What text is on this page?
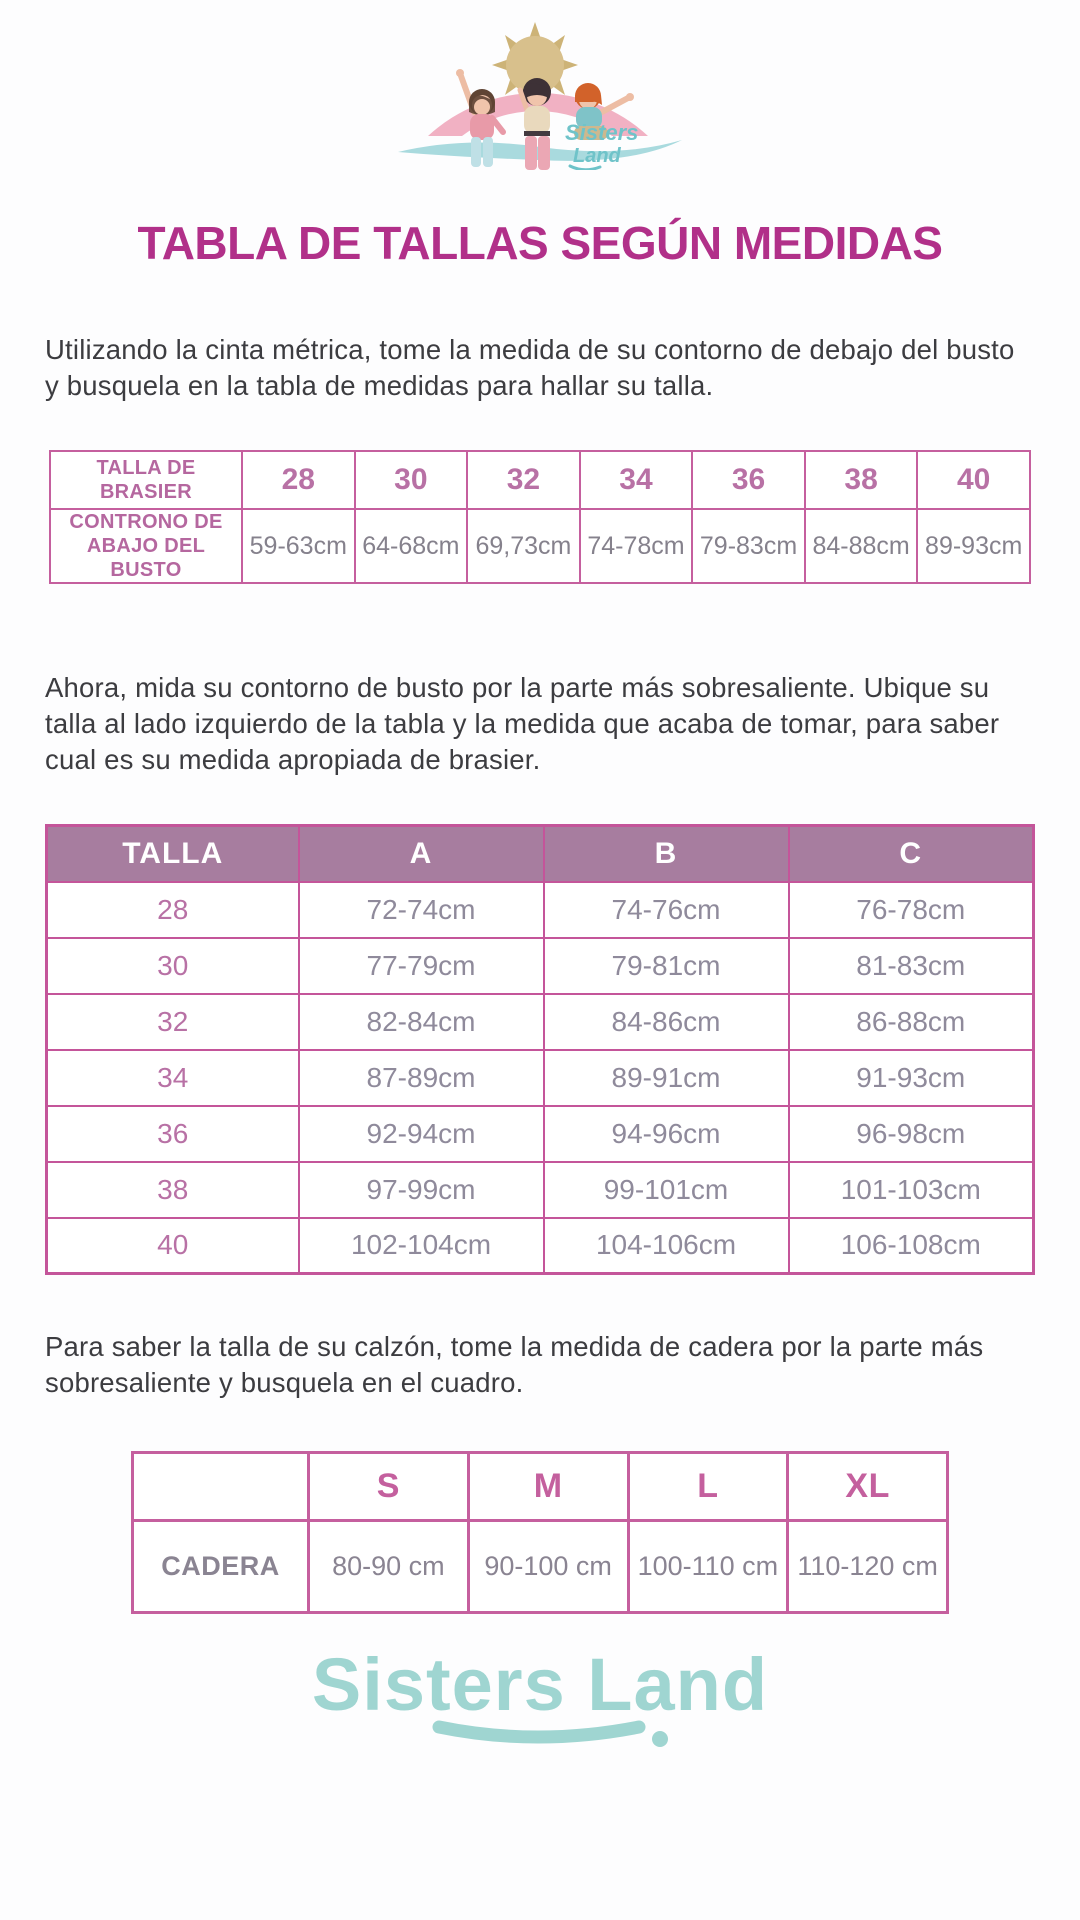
Sisters
Land
TABLA DE TALLAS SEGÚN MEDIDAS

Utilizando la cinta métrica, tome la medida de su contorno de debajo del busto y busquela en la tabla de medidas para hallar su talla.

TALLA DE BRASIER	28	30	32	34	36	38	40
CONTRONO DE ABAJO DEL BUSTO	59-63cm	64-68cm	69,73cm	74-78cm	79-83cm	84-88cm	89-93cm

Ahora, mida su contorno de busto por la parte más sobresaliente. Ubique su talla al lado izquierdo de la tabla y la medida que acaba de tomar, para saber cual es su medida apropiada de brasier.

TALLA	A	B	C
28	72-74cm	74-76cm	76-78cm
30	77-79cm	79-81cm	81-83cm
32	82-84cm	84-86cm	86-88cm
34	87-89cm	89-91cm	91-93cm
36	92-94cm	94-96cm	96-98cm
38	97-99cm	99-101cm	101-103cm
40	102-104cm	104-106cm	106-108cm

Para saber la talla de su calzón, tome la medida de cadera por la parte más sobresaliente y busquela en el cuadro.

	S	M	L	XL
CADERA	80-90 cm	90-100 cm	100-110 cm	110-120 cm
Sisters Land
